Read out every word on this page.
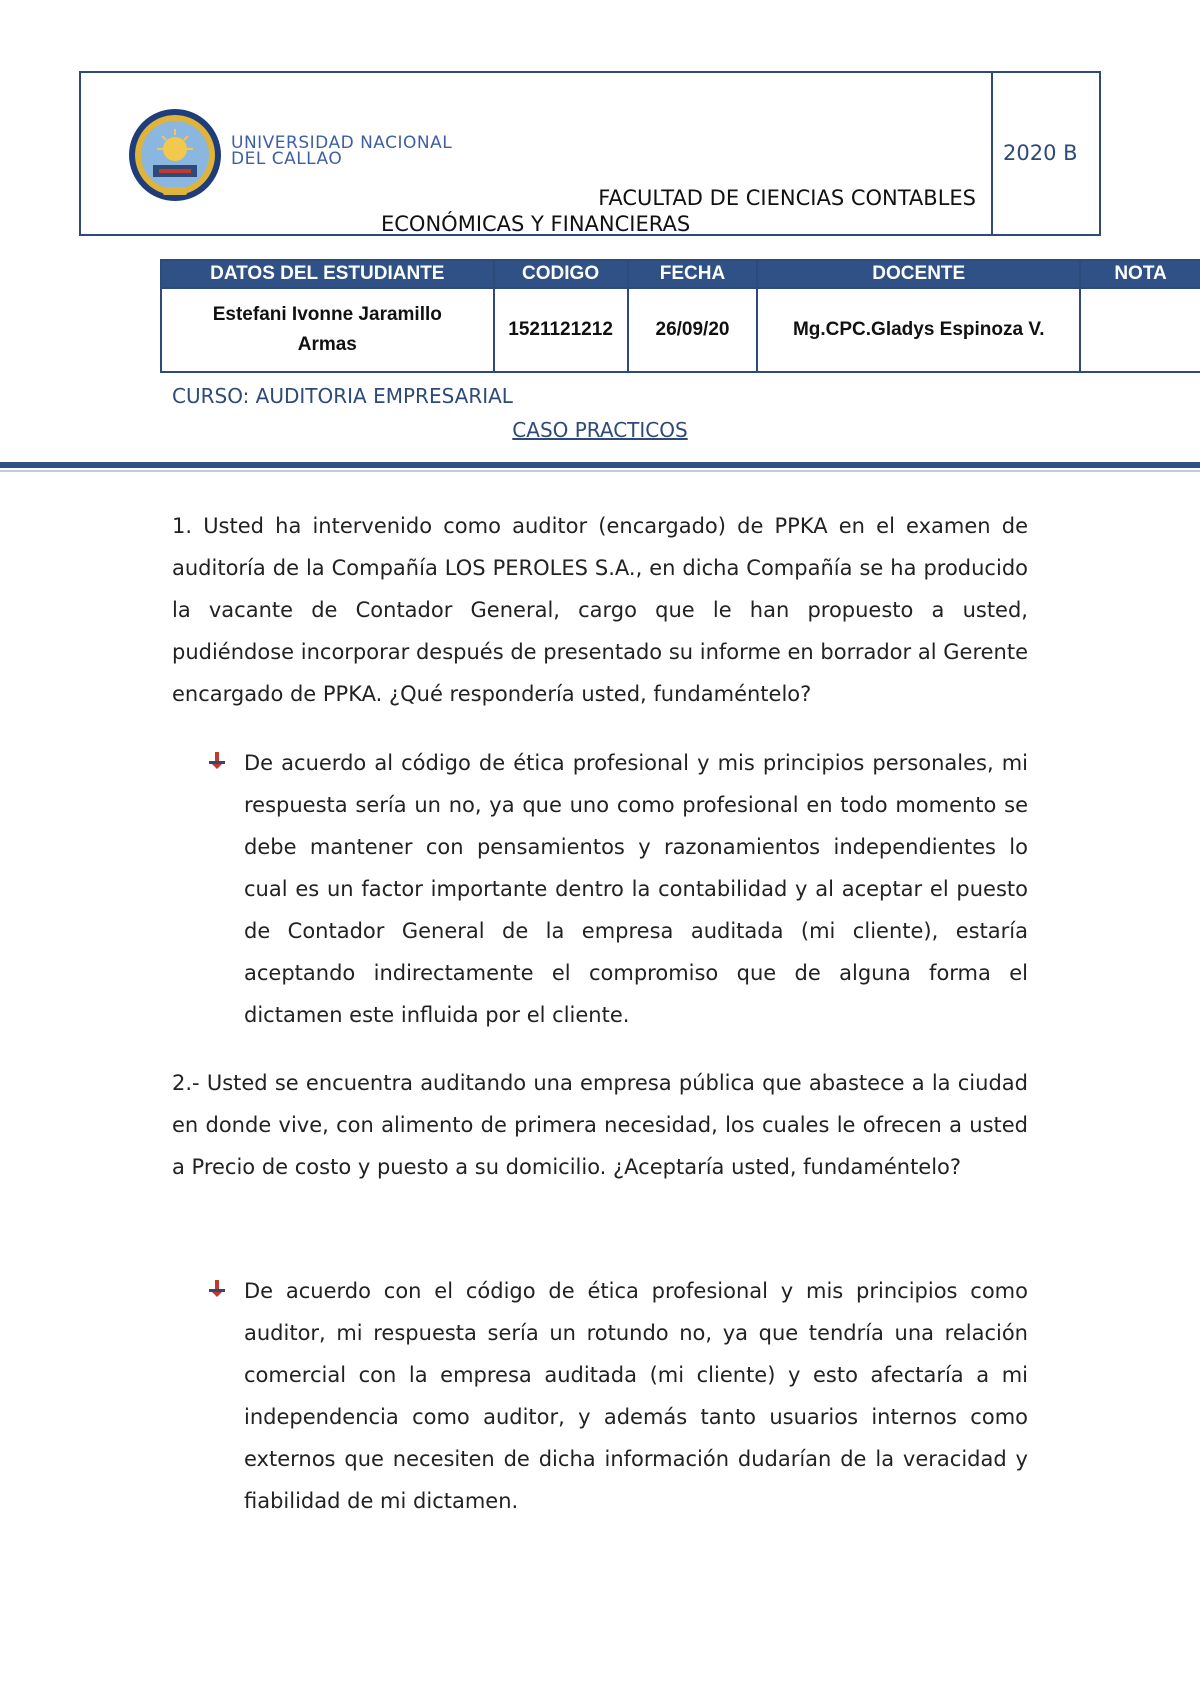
UNIVERSIDAD NACIONAL
DEL CALLAO
FACULTAD DE CIENCIAS CONTABLES
ECONÓMICAS Y FINANCIERAS
2020 B
DATOS DEL ESTUDIANTE	CODIGO	FECHA	DOCENTE	NOTA

Estefani Ivonne Jaramillo
Armas	1521121212	26/09/20	Mg.CPC.Gladys Espinoza V.	
CURSO: AUDITORIA EMPRESARIAL
CASO PRACTICOS

1. Usted ha intervenido como auditor (encargado) de PPKA en el examen de auditoría de la Compañía LOS PEROLES S.A., en dicha Compañía se ha producido la vacante de Contador General, cargo que le han propuesto a usted, pudiéndose incorporar después de presentado su informe en borrador al Gerente encargado de PPKA. ¿Qué respondería usted, fundaméntelo?

De acuerdo al código de ética profesional y mis principios personales, mi respuesta sería un no, ya que uno como profesional en todo momento se debe mantener con pensamientos y razonamientos independientes lo cual es un factor importante dentro la contabilidad y al aceptar el puesto de Contador General de la empresa auditada (mi cliente), estaría aceptando indirectamente el compromiso que de alguna forma el dictamen este influida por el cliente.

2.- Usted se encuentra auditando una empresa pública que abastece a la ciudad en donde vive, con alimento de primera necesidad, los cuales le ofrecen a usted a Precio de costo y puesto a su domicilio. ¿Aceptaría usted, fundaméntelo?

De acuerdo con el código de ética profesional y mis principios como auditor, mi respuesta sería un rotundo no, ya que tendría una relación comercial con la empresa auditada (mi cliente) y esto afectaría a mi independencia como auditor, y además tanto usuarios internos como externos que necesiten de dicha información dudarían de la veracidad y fiabilidad de mi dictamen.
